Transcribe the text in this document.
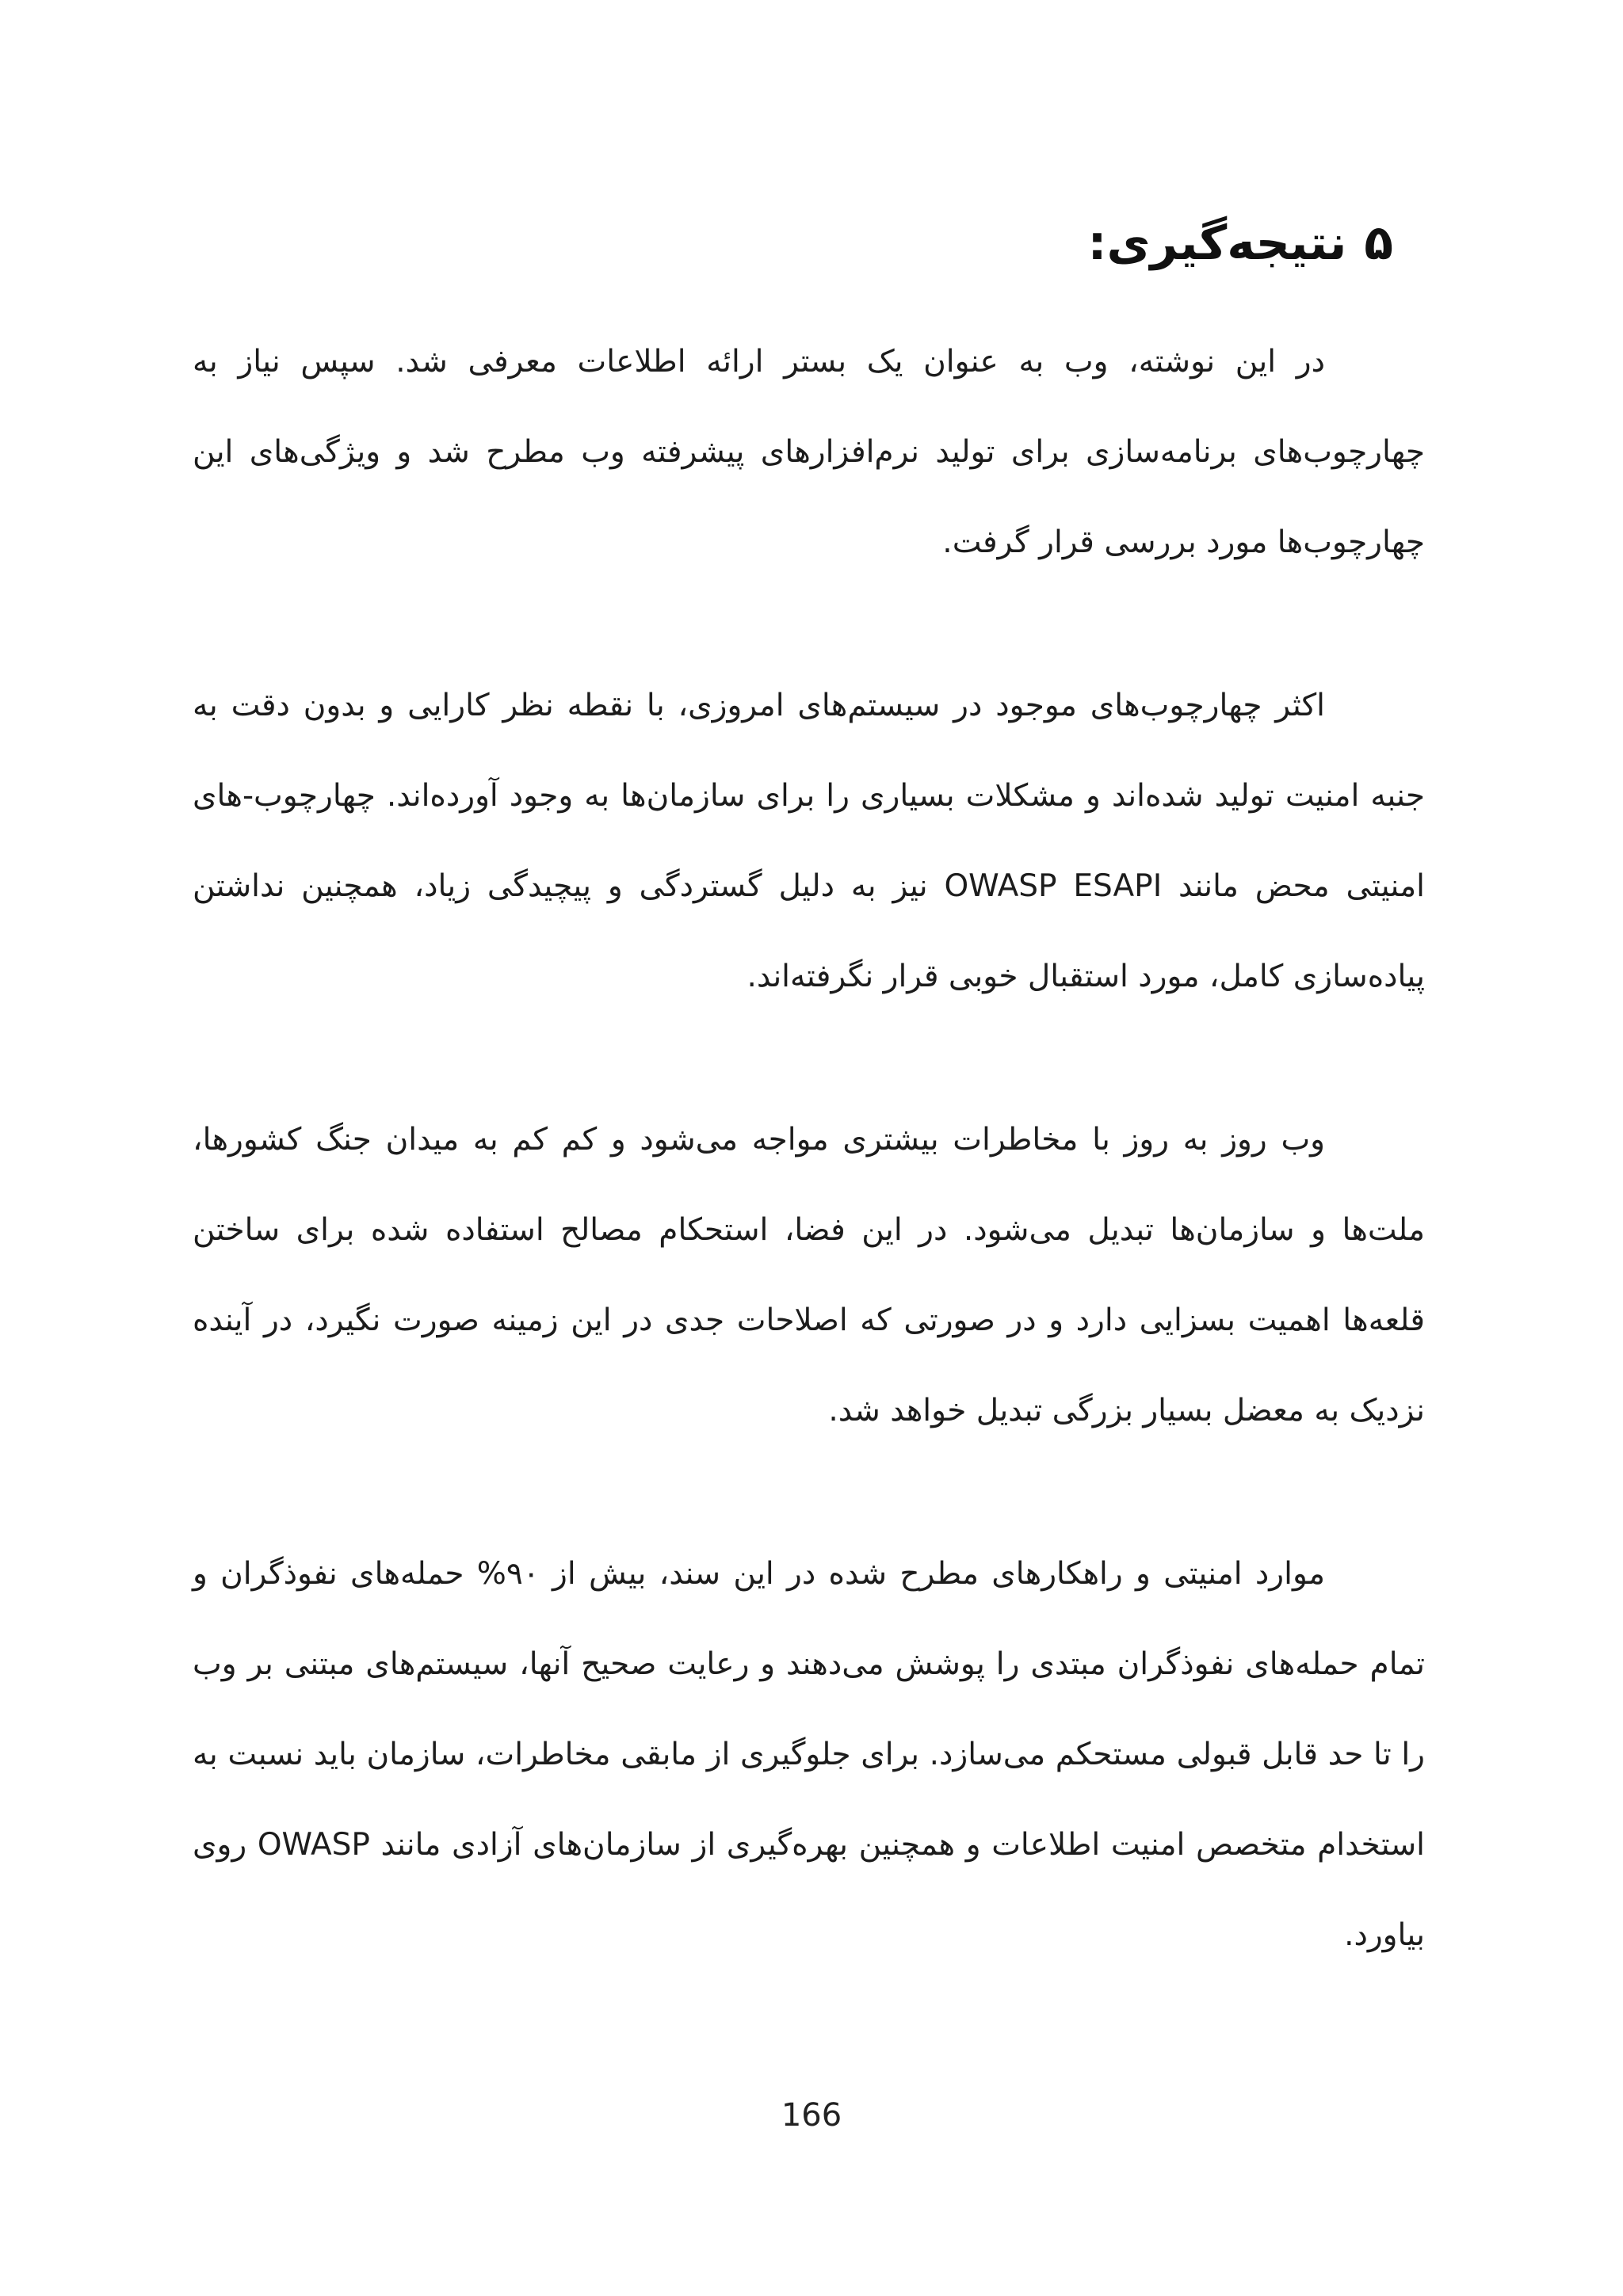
۵نتیجه‌گیری:

در این نوشته، وب به عنوان یک بستر ارائه اطلاعات معرفی شد. سپس نیاز به چهارچوب‌های برنامه‌سازی برای تولید نرم‌افزارهای پیشرفته وب مطرح شد و ویژگی‌های این چهارچوب‌ها مورد بررسی قرار گرفت.

اکثر چهارچوب‌های موجود در سیستم‌های امروزی، با نقطه نظر کارایی و بدون دقت به جنبه امنیت تولید شده‌اند و مشکلات بسیاری را برای سازمان‌ها به وجود آورده‌اند. چهارچوب-های امنیتی محض مانند OWASP ESAPI نیز به دلیل گستردگی و پیچیدگی زیاد، همچنین نداشتن پیاده‌سازی کامل، مورد استقبال خوبی قرار نگرفته‌اند.

وب روز به روز با مخاطرات بیشتری مواجه می‌شود و کم کم به میدان جنگ کشورها، ملت‌ها و سازمان‌ها تبدیل می‌شود. در این فضا، استحکام مصالح استفاده شده برای ساختن قلعه‌ها اهمیت بسزایی دارد و در صورتی که اصلاحات جدی در این زمینه صورت نگیرد، در آینده نزدیک به معضل بسیار بزرگی تبدیل خواهد شد.

موارد امنیتی و راهکارهای مطرح شده در این سند، بیش از ۹۰% حمله‌های نفوذگران و تمام حمله‌های نفوذگران مبتدی را پوشش می‌دهند و رعایت صحیح آنها، سیستم‌های مبتنی بر وب را تا حد قابل قبولی مستحکم می‌سازد. برای جلوگیری از مابقی مخاطرات، سازمان باید نسبت به استخدام متخصص امنیت اطلاعات و همچنین بهره‌گیری از سازمان‌های آزادی مانند OWASP روی بیاورد.

166
